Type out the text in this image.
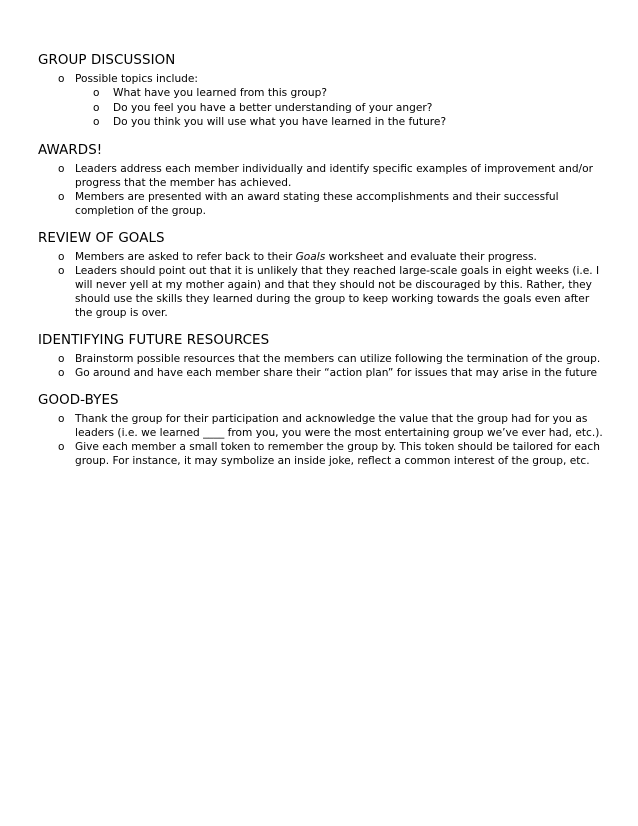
GROUP DISCUSSION
o Possible topics include:
o What have you learned from this group?
o Do you feel you have a better understanding of your anger?
o Do you think you will use what you have learned in the future?
AWARDS!
o Leaders address each member individually and identify specific examples of improvement and/or progress that the member has achieved.
o Members are presented with an award stating these accomplishments and their successful completion of the group.
REVIEW OF GOALS
o Members are asked to refer back to their Goals worksheet and evaluate their progress.
o Leaders should point out that it is unlikely that they reached large-scale goals in eight weeks (i.e. I will never yell at my mother again) and that they should not be discouraged by this. Rather, they should use the skills they learned during the group to keep working towards the goals even after the group is over.
IDENTIFYING FUTURE RESOURCES
o Brainstorm possible resources that the members can utilize following the termination of the group.
o Go around and have each member share their “action plan” for issues that may arise in the future
GOOD-BYES
o Thank the group for their participation and acknowledge the value that the group had for you as leaders (i.e. we learned ____ from you, you were the most entertaining group we’ve ever had, etc.).
o Give each member a small token to remember the group by. This token should be tailored for each group. For instance, it may symbolize an inside joke, reflect a common interest of the group, etc.
